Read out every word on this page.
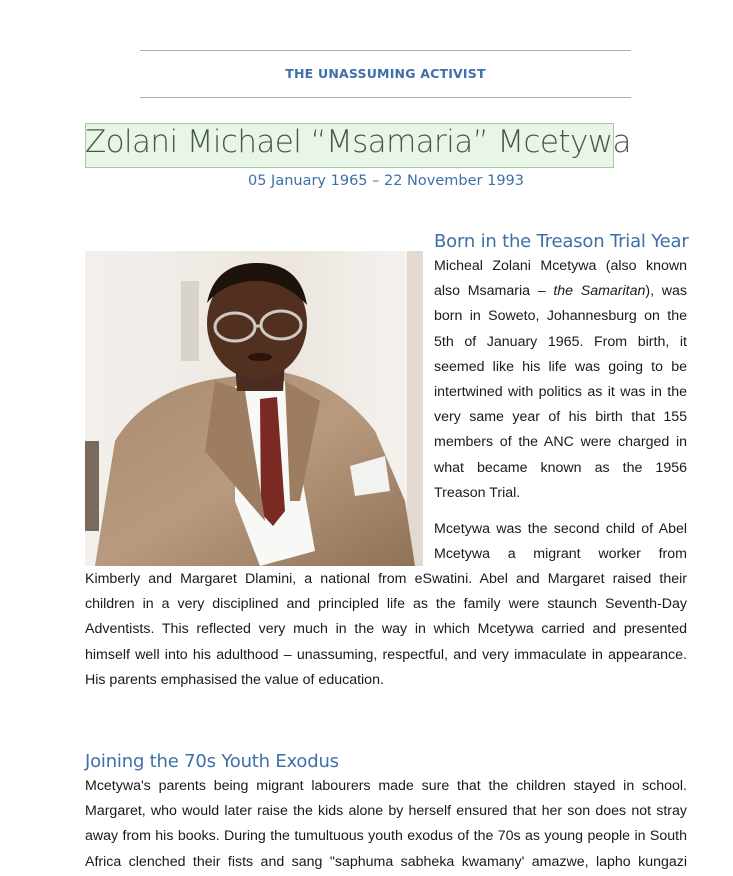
THE UNASSUMING ACTIVIST
Zolani Michael “Msamaria” Mcetywa
05 January 1965 – 22 November 1993
Born in the Treason Trial Year
Micheal Zolani Mcetywa (also known
also Msamaria – the Samaritan), was
born in Soweto, Johannesburg on the
5th of January 1965. From birth, it
seemed like his life was going to be
intertwined with politics as it was in the
very same year of his birth that 155
members of the ANC were charged in
what became known as the 1956
Treason Trial.
Mcetywa was the second child of Abel
Mcetywa a migrant worker from
Kimberly and Margaret Dlamini, a national from eSwatini. Abel and Margaret raised their
children in a very disciplined and principled life as the family were staunch Seventh-Day
Adventists. This reflected very much in the way in which Mcetywa carried and presented
himself well into his adulthood – unassuming, respectful, and very immaculate in appearance.
His parents emphasised the value of education.
Joining the 70s Youth Exodus
Mcetywa's parents being migrant labourers made sure that the children stayed in school.
Margaret, who would later raise the kids alone by herself ensured that her son does not stray
away from his books. During the tumultuous youth exodus of the 70s as young people in South
Africa clenched their fists and sang "saphuma sabheka kwamany' amazwe, lapho kungazi
